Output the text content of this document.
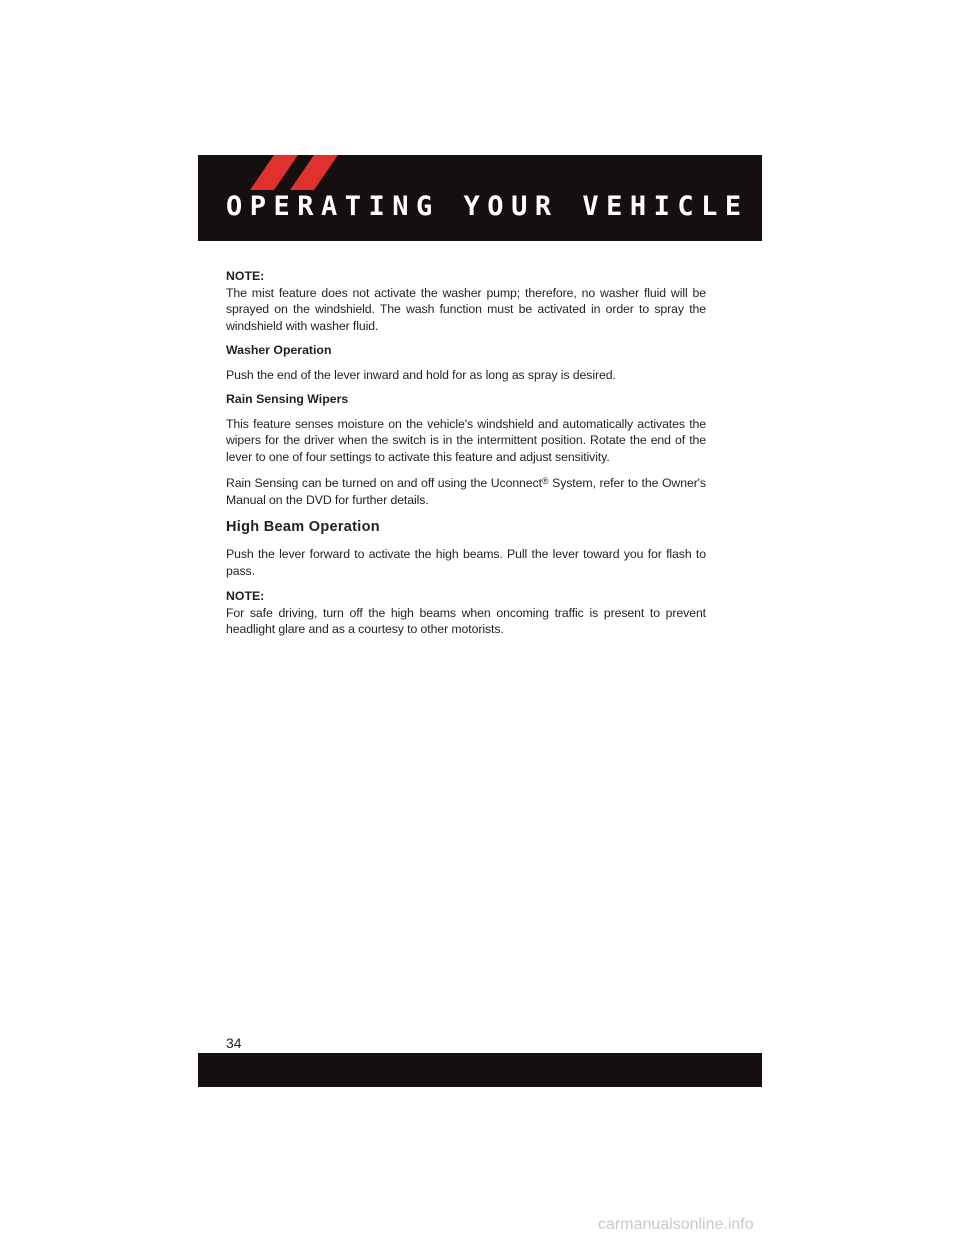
OPERATING YOUR VEHICLE
NOTE:

The mist feature does not activate the washer pump; therefore, no washer fluid will be sprayed on the windshield. The wash function must be activated in order to spray the windshield with washer fluid.

Washer Operation

Push the end of the lever inward and hold for as long as spray is desired.

Rain Sensing Wipers

This feature senses moisture on the vehicle's windshield and automatically activates the wipers for the driver when the switch is in the intermittent position. Rotate the end of the lever to one of four settings to activate this feature and adjust sensitivity.

Rain Sensing can be turned on and off using the Uconnect® System, refer to the Owner's Manual on the DVD for further details.

High Beam Operation

Push the lever forward to activate the high beams. Pull the lever toward you for flash to pass.

NOTE:

For safe driving, turn off the high beams when oncoming traffic is present to prevent headlight glare and as a courtesy to other motorists.

34
carmanualsonline.info
